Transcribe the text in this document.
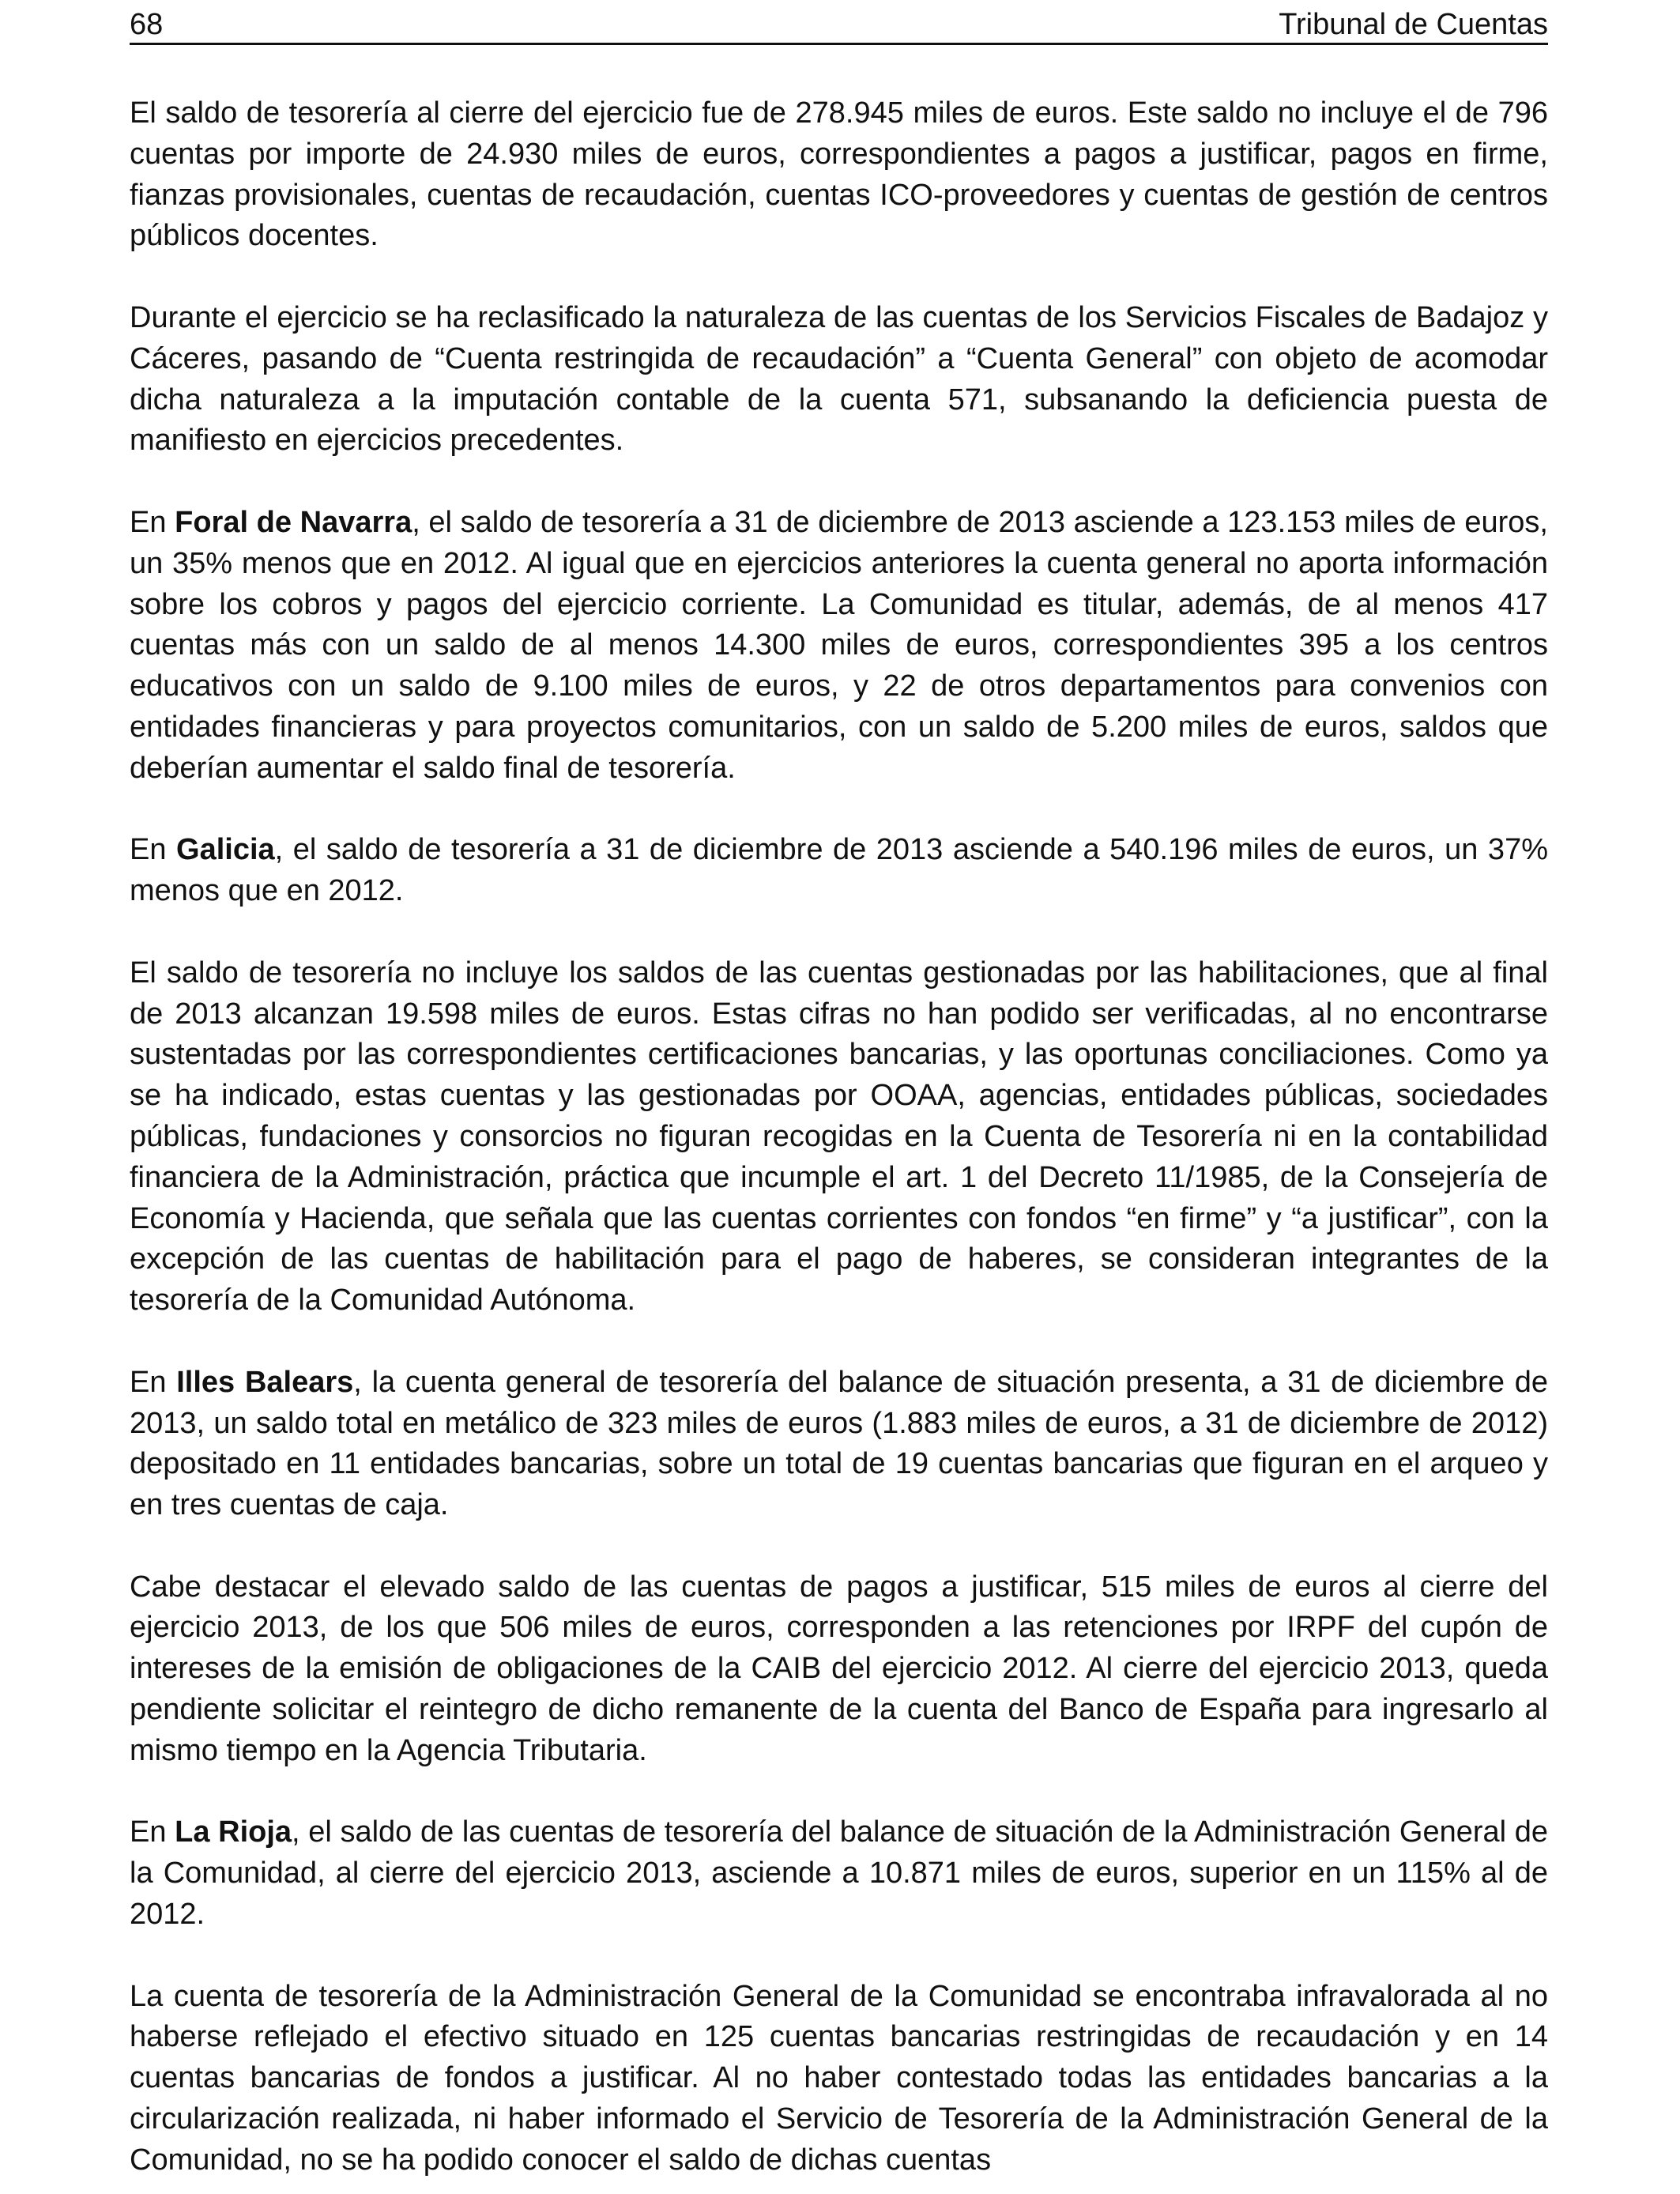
68	Tribunal de Cuentas

El saldo de tesorería al cierre del ejercicio fue de 278.945 miles de euros. Este saldo no incluye el de 796 cuentas por importe de 24.930 miles de euros, correspondientes a pagos a justificar, pagos en firme, fianzas provisionales, cuentas de recaudación, cuentas ICO-proveedores y cuentas de gestión de centros públicos docentes.

Durante el ejercicio se ha reclasificado la naturaleza de las cuentas de los Servicios Fiscales de Badajoz y Cáceres, pasando de “Cuenta restringida de recaudación” a “Cuenta General” con objeto de acomodar dicha naturaleza a la imputación contable de la cuenta 571, subsanando la deficiencia puesta de manifiesto en ejercicios precedentes.

En Foral de Navarra, el saldo de tesorería a 31 de diciembre de 2013 asciende a 123.153 miles de euros, un 35% menos que en 2012. Al igual que en ejercicios anteriores la cuenta general no aporta información sobre los cobros y pagos del ejercicio corriente. La Comunidad es titular, además, de al menos 417 cuentas más con un saldo de al menos 14.300 miles de euros, correspondientes 395 a los centros educativos con un saldo de 9.100 miles de euros, y 22 de otros departamentos para convenios con entidades financieras y para proyectos comunitarios, con un saldo de 5.200 miles de euros, saldos que deberían aumentar el saldo final de tesorería.

En Galicia, el saldo de tesorería a 31 de diciembre de 2013 asciende a 540.196 miles de euros, un 37% menos que en 2012.

El saldo de tesorería no incluye los saldos de las cuentas gestionadas por las habilitaciones, que al final de 2013 alcanzan 19.598 miles de euros. Estas cifras no han podido ser verificadas, al no encontrarse sustentadas por las correspondientes certificaciones bancarias, y las oportunas conciliaciones. Como ya se ha indicado, estas cuentas y las gestionadas por OOAA, agencias, entidades públicas, sociedades públicas, fundaciones y consorcios no figuran recogidas en la Cuenta de Tesorería ni en la contabilidad financiera de la Administración, práctica que incumple el art. 1 del Decreto 11/1985, de la Consejería de Economía y Hacienda, que señala que las cuentas corrientes con fondos “en firme” y “a justificar”, con la excepción de las cuentas de habilitación para el pago de haberes, se consideran integrantes de la tesorería de la Comunidad Autónoma.

En Illes Balears, la cuenta general de tesorería del balance de situación presenta, a 31 de diciembre de 2013, un saldo total en metálico de 323 miles de euros (1.883 miles de euros, a 31 de diciembre de 2012) depositado en 11 entidades bancarias, sobre un total de 19 cuentas bancarias que figuran en el arqueo y en tres cuentas de caja.

Cabe destacar el elevado saldo de las cuentas de pagos a justificar, 515 miles de euros al cierre del ejercicio 2013, de los que 506 miles de euros, corresponden a las retenciones por IRPF del cupón de intereses de la emisión de obligaciones de la CAIB del ejercicio 2012. Al cierre del ejercicio 2013, queda pendiente solicitar el reintegro de dicho remanente de la cuenta del Banco de España para ingresarlo al mismo tiempo en la Agencia Tributaria.

En La Rioja, el saldo de las cuentas de tesorería del balance de situación de la Administración General de la Comunidad, al cierre del ejercicio 2013, asciende a 10.871 miles de euros, superior en un 115% al de 2012.

La cuenta de tesorería de la Administración General de la Comunidad se encontraba infravalorada al no haberse reflejado el efectivo situado en 125 cuentas bancarias restringidas de recaudación y en 14 cuentas bancarias de fondos a justificar. Al no haber contestado todas las entidades bancarias a la circularización realizada, ni haber informado el Servicio de Tesorería de la Administración General de la Comunidad, no se ha podido conocer el saldo de dichas cuentas
